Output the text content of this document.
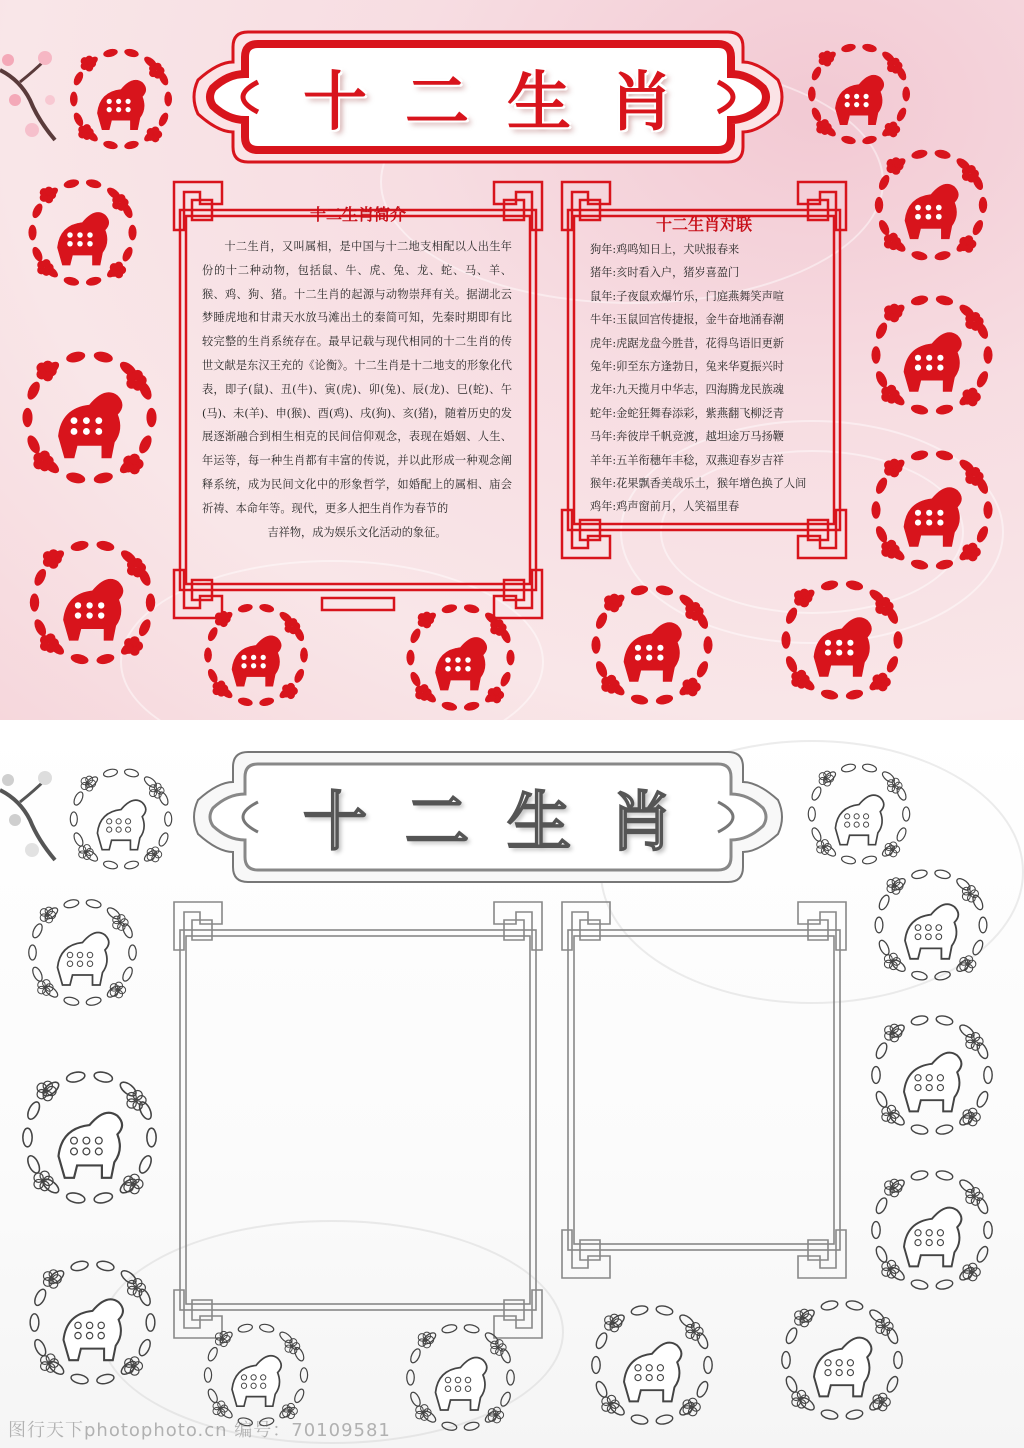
十二生肖
十二生肖简介

十二生肖，又叫属相，是中国与十二地支相配以人出生年份的十二种动物，包括鼠、牛、虎、兔、龙、蛇、马、羊、猴、鸡、狗、猪。十二生肖的起源与动物崇拜有关。据湖北云梦睡虎地和甘肃天水放马滩出土的秦简可知，先秦时期即有比较完整的生肖系统存在。最早记载与现代相同的十二生肖的传世文献是东汉王充的《论衡》。十二生肖是十二地支的形象化代表，即子(鼠)、丑(牛)、寅(虎)、卯(兔)、辰(龙)、巳(蛇)、午(马)、未(羊)、申(猴)、酉(鸡)、戌(狗)、亥(猪)，随着历史的发展逐渐融合到相生相克的民间信仰观念，表现在婚姻、人生、年运等，每一种生肖都有丰富的传说，并以此形成一种观念阐释系统，成为民间文化中的形象哲学，如婚配上的属相、庙会祈祷、本命年等。现代，更多人把生肖作为春节的
吉祥物，成为娱乐文化活动的象征。

十二生肖对联
狗年:鸡鸣知日上，犬吠报春来
猪年:亥时看入户，猪岁喜盈门
鼠年:子夜鼠欢爆竹乐，门庭燕舞笑声喧
牛年:玉鼠回宫传捷报，金牛奋地涌春潮
虎年:虎踞龙盘今胜昔，花得鸟语旧更新
兔年:卯至东方逢勃日，兔来华夏振兴时
龙年:九天揽月中华志，四海腾龙民族魂
蛇年:金蛇狂舞春添彩，紫燕翻飞柳泛青
马年:奔彼岸千帆竞渡，越坦途万马扬鞭
羊年:五羊衔穗年丰稔，双燕迎春岁吉祥
猴年:花果飘香美哉乐土，猴年增色换了人间
鸡年:鸡声窗前月，人笑福里春
十二生肖
图行天下photophoto.cn 编号：70109581
